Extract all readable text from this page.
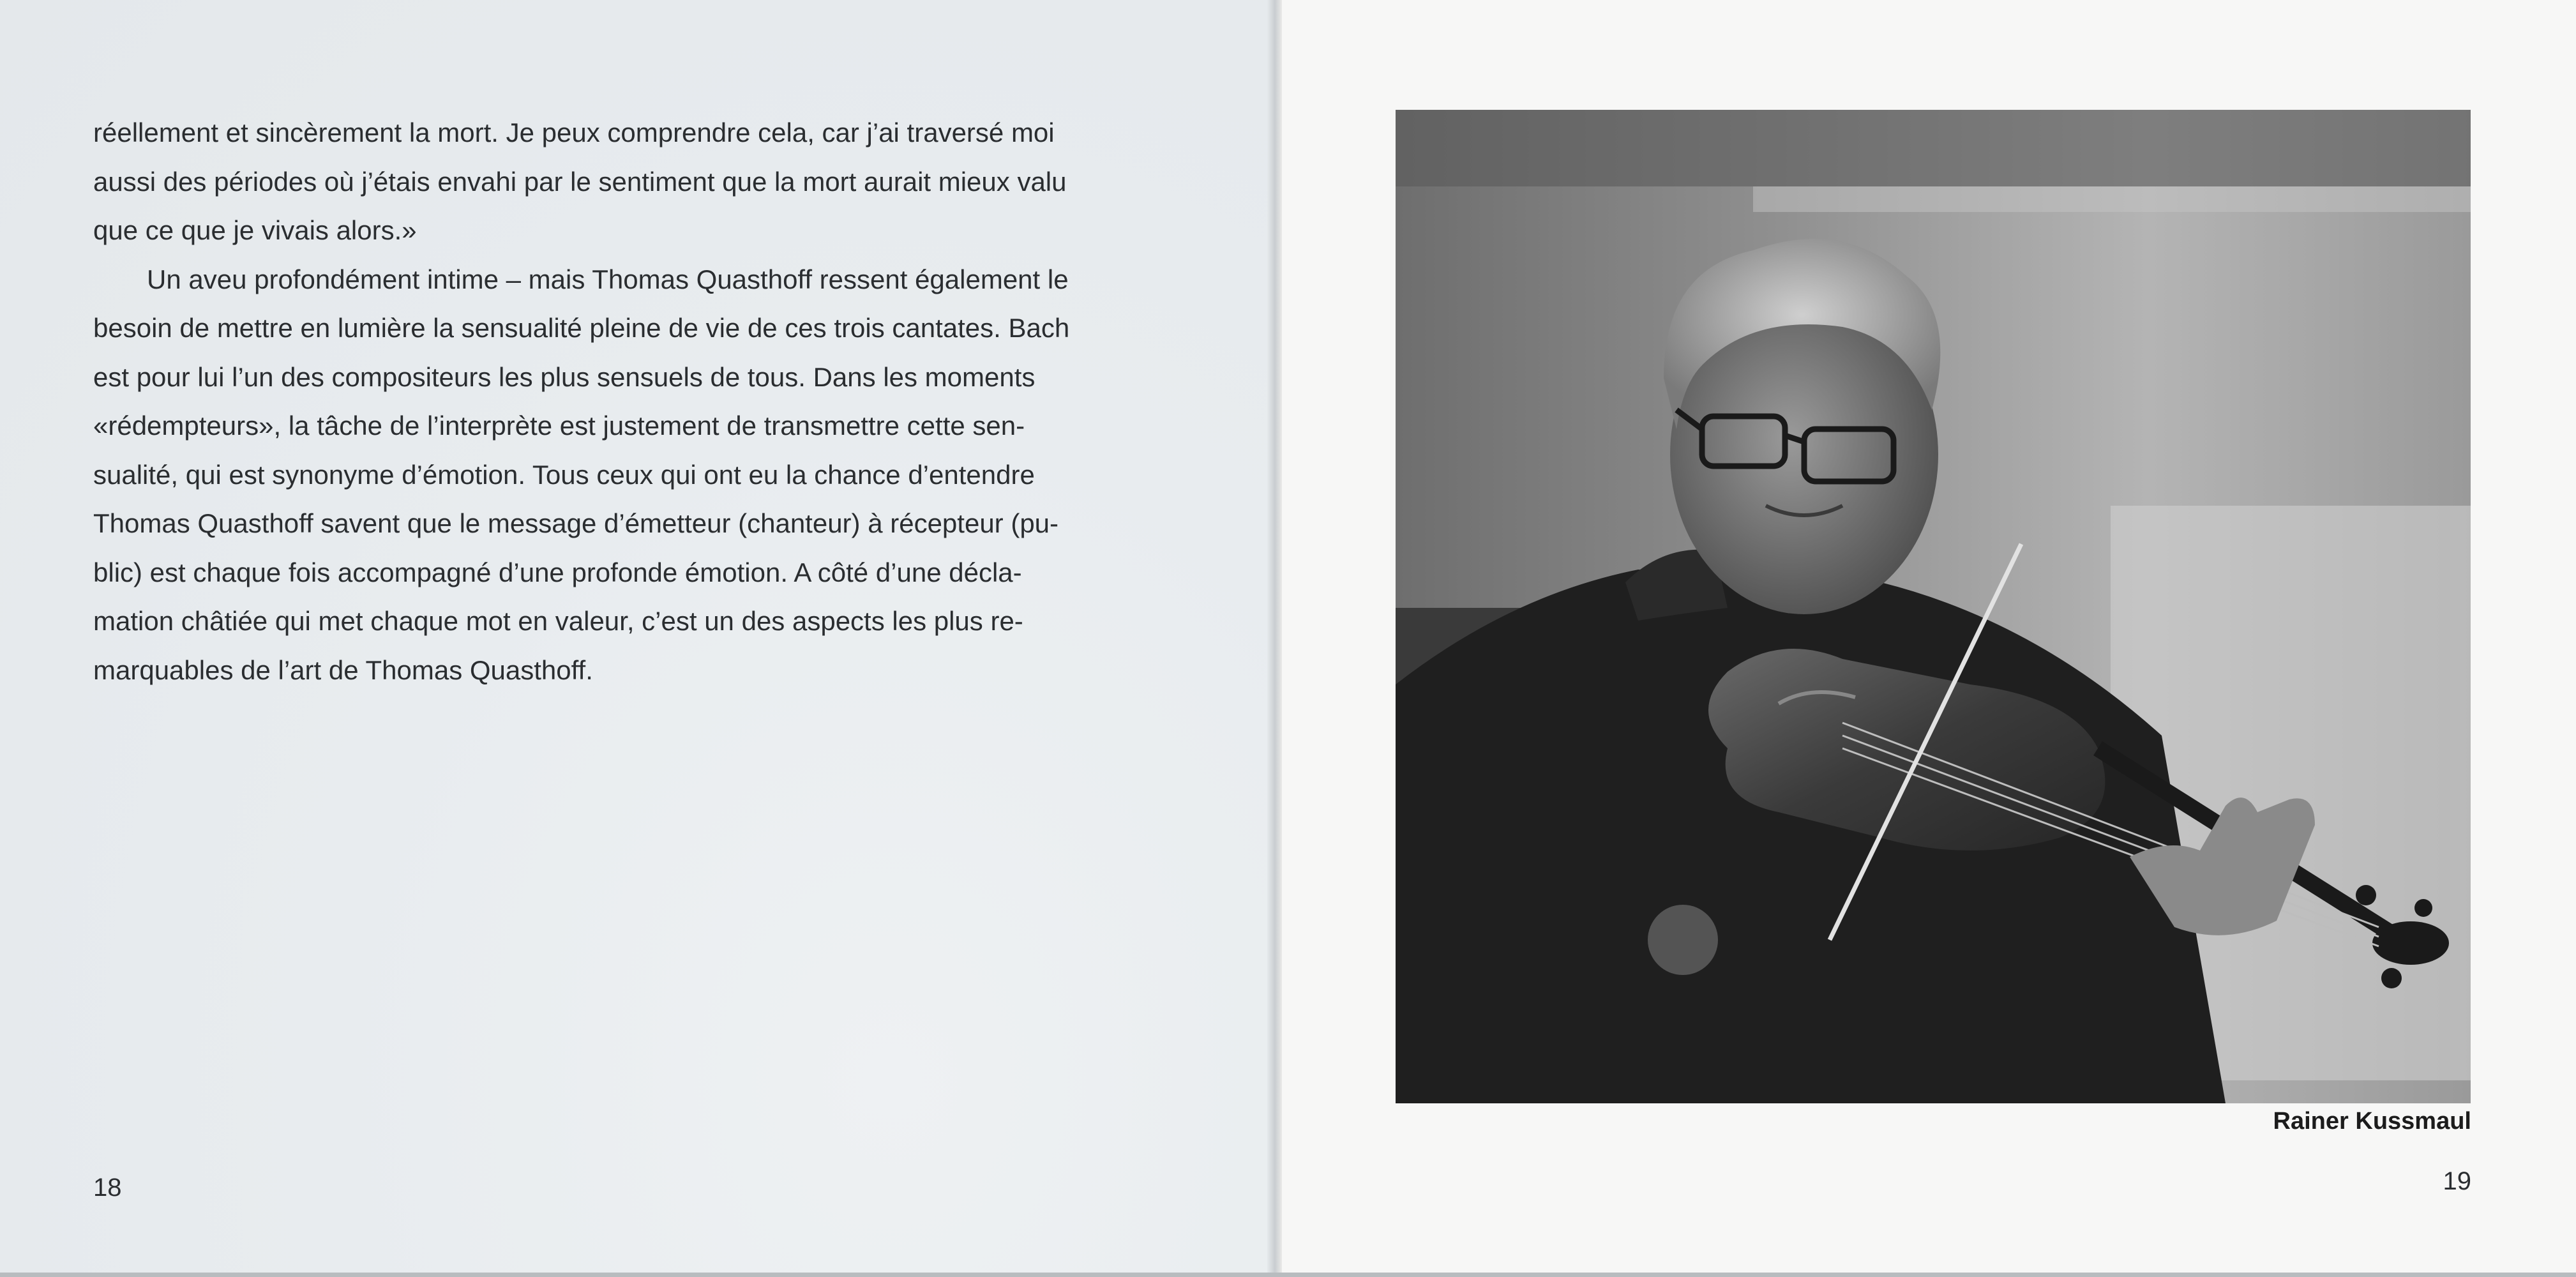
réellement et sincèrement la mort. Je peux comprendre cela, car j’ai traversé moi
aussi des périodes où j’étais envahi par le sentiment que la mort aurait mieux valu
que ce que je vivais alors.»
Un aveu profondément intime – mais Thomas Quasthoff ressent également le
besoin de mettre en lumière la sensualité pleine de vie de ces trois cantates. Bach
est pour lui l’un des compositeurs les plus sensuels de tous. Dans les moments
«rédempteurs», la tâche de l’interprète est justement de transmettre cette sen-
sualité, qui est synonyme d’émotion. Tous ceux qui ont eu la chance d’entendre
Thomas Quasthoff savent que le message d’émetteur (chanteur) à récepteur (pu-
blic) est chaque fois accompagné d’une profonde émotion. A côté d’une décla-
mation châtiée qui met chaque mot en valeur, c’est un des aspects les plus re-
marquables de l’art de Thomas Quasthoff.
18	19
Rainer Kussmaul
